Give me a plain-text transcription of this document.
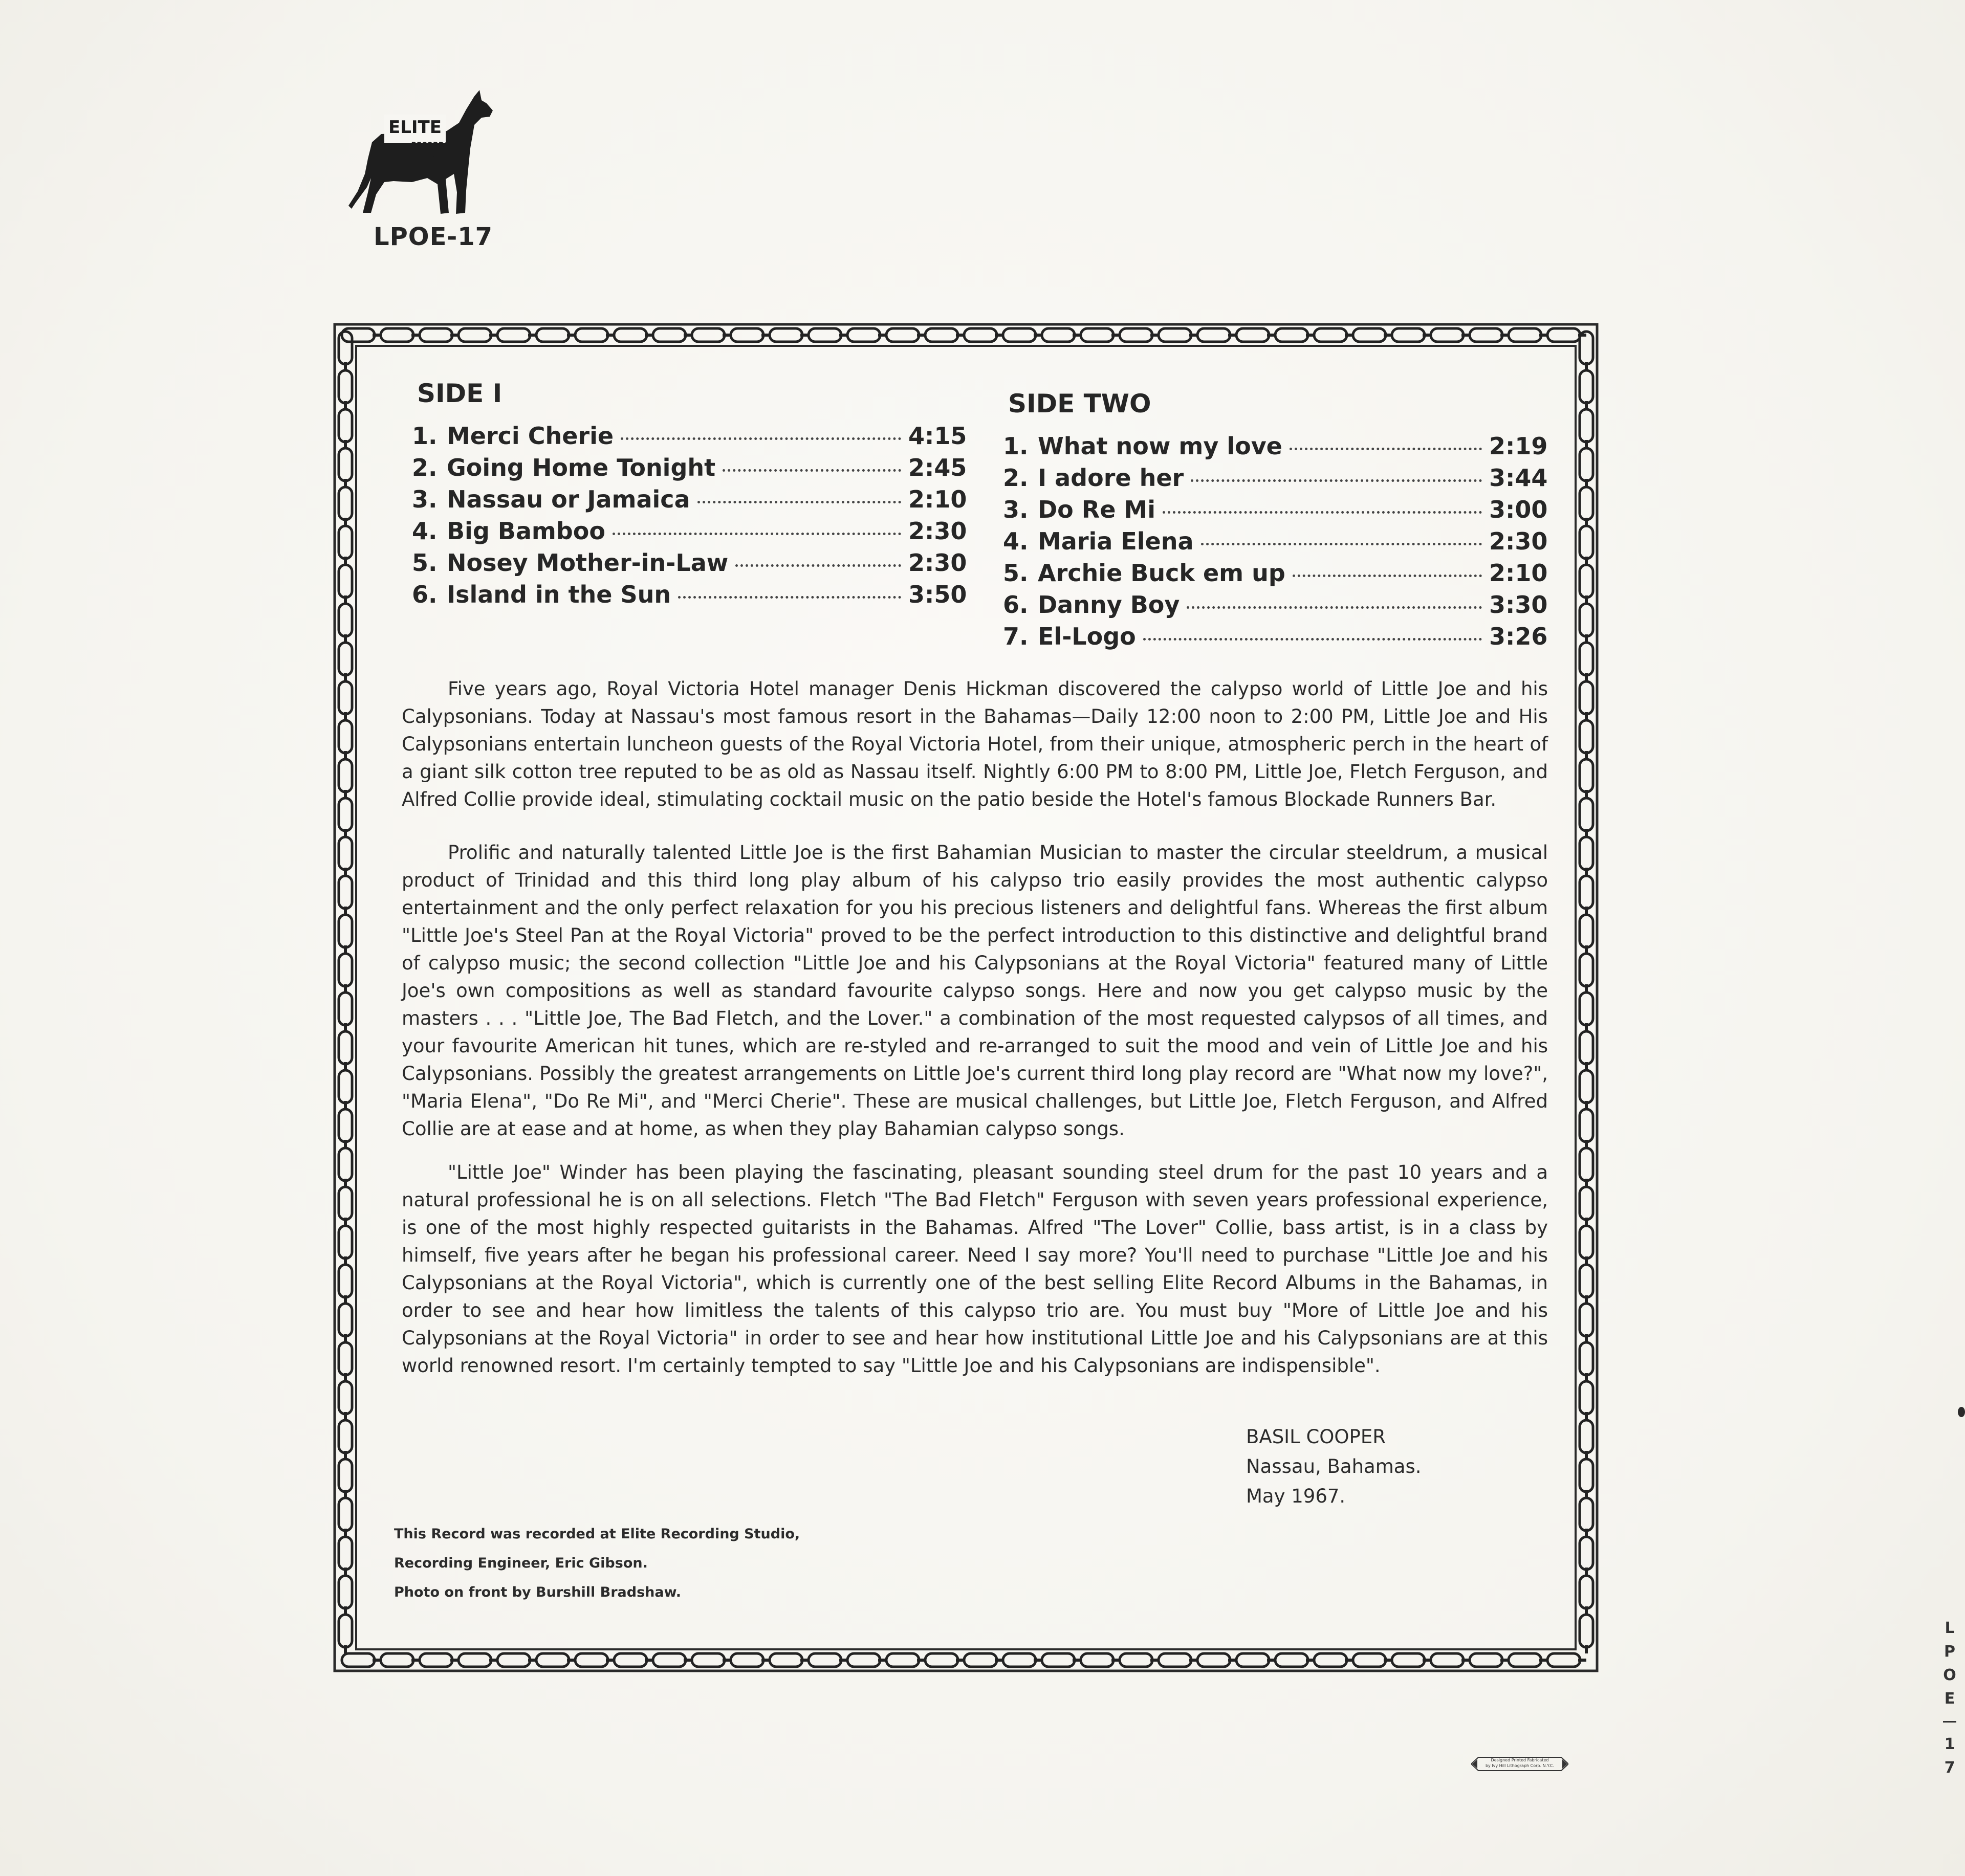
ELITE
RECORDS
LTD.
LPOE-17
SIDE I
1. Merci Cherie	4:15
2. Going Home Tonight	2:45
3. Nassau or Jamaica	2:10
4. Big Bamboo	2:30
5. Nosey Mother-in-Law	2:30
6. Island in the Sun	3:50
SIDE TWO
1. What now my love	2:19
2. I adore her	3:44
3. Do Re Mi	3:00
4. Maria Elena	2:30
5. Archie Buck em up	2:10
6. Danny Boy	3:30
7. El-Logo	3:26

Five years ago, Royal Victoria Hotel manager Denis Hickman discovered the calypso world of Little Joe and his Calypsonians. Today at Nassau's most famous resort in the Bahamas—Daily 12:00 noon to 2:00 PM, Little Joe and His Calypsonians entertain luncheon guests of the Royal Victoria Hotel, from their unique, atmospheric perch in the heart of a giant silk cotton tree reputed to be as old as Nassau itself. Nightly 6:00 PM to 8:00 PM, Little Joe, Fletch Ferguson, and Alfred Collie provide ideal, stimulating cocktail music on the patio beside the Hotel's famous Blockade Runners Bar.

Prolific and naturally talented Little Joe is the first Bahamian Musician to master the circular steeldrum, a musical product of Trinidad and this third long play album of his calypso trio easily provides the most authentic calypso entertainment and the only perfect relaxation for you his precious listeners and delightful fans. Whereas the first album "Little Joe's Steel Pan at the Royal Victoria" proved to be the perfect introduction to this distinctive and delightful brand of calypso music; the second collection "Little Joe and his Calypsonians at the Royal Victoria" featured many of Little Joe's own compositions as well as standard favourite calypso songs. Here and now you get calypso music by the masters . . . "Little Joe, The Bad Fletch, and the Lover." a combination of the most requested calypsos of all times, and your favourite American hit tunes, which are re-styled and re-arranged to suit the mood and vein of Little Joe and his Calypsonians. Possibly the greatest arrangements on Little Joe's current third long play record are "What now my love?", "Maria Elena", "Do Re Mi", and "Merci Cherie". These are musical challenges, but Little Joe, Fletch Ferguson, and Alfred Collie are at ease and at home, as when they play Bahamian calypso songs.

"Little Joe" Winder has been playing the fascinating, pleasant sounding steel drum for the past 10 years and a natural professional he is on all selections. Fletch "The Bad Fletch" Ferguson with seven years professional experience, is one of the most highly respected guitarists in the Bahamas. Alfred "The Lover" Collie, bass artist, is in a class by himself, five years after he began his professional career. Need I say more? You'll need to purchase "Little Joe and his Calypsonians at the Royal Victoria", which is currently one of the best selling Elite Record Albums in the Bahamas, in order to see and hear how limitless the talents of this calypso trio are. You must buy "More of Little Joe and his Calypsonians at the Royal Victoria" in order to see and hear how institutional Little Joe and his Calypsonians are at this world renowned resort. I'm certainly tempted to say "Little Joe and his Calypsonians are indispensible".

BASIL COOPER
Nassau, Bahamas.
May 1967.
This Record was recorded at Elite Recording Studio,
Recording Engineer, Eric Gibson.
Photo on front by Burshill Bradshaw.
L
P
O
E
1
7
Designed Printed Fabricated
by Ivy Hill Lithograph Corp. N.Y.C.
